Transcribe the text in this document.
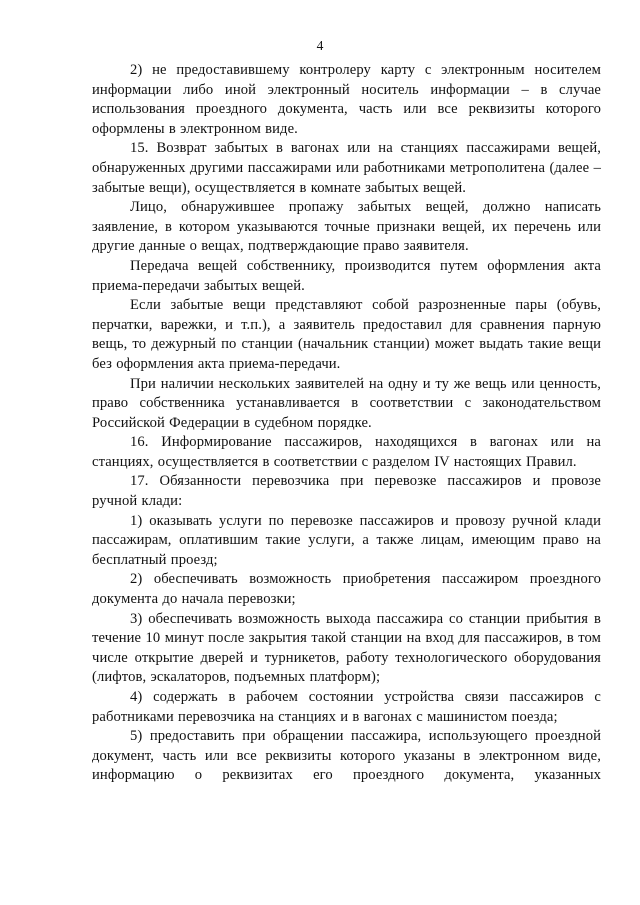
4

2) не предоставившему контролеру карту с электронным носителем информации либо иной электронный носитель информации – в случае использования проездного документа, часть или все реквизиты которого оформлены в электронном виде.

15. Возврат забытых в вагонах или на станциях пассажирами вещей, обнаруженных другими пассажирами или работниками метрополитена (далее – забытые вещи), осуществляется в комнате забытых вещей.

Лицо, обнаружившее пропажу забытых вещей, должно написать заявление, в котором указываются точные признаки вещей, их перечень или другие данные о вещах, подтверждающие право заявителя.

Передача вещей собственнику, производится путем оформления акта приема-передачи забытых вещей.

Если забытые вещи представляют собой разрозненные пары (обувь, перчатки, варежки, и т.п.), а заявитель предоставил для сравнения парную вещь, то дежурный по станции (начальник станции) может выдать такие вещи без оформления акта приема-передачи.

При наличии нескольких заявителей на одну и ту же вещь или ценность, право собственника устанавливается в соответствии с законодательством Российской Федерации в судебном порядке.

16. Информирование пассажиров, находящихся в вагонах или на станциях, осуществляется в соответствии с разделом IV настоящих Правил.

17. Обязанности перевозчика при перевозке пассажиров и провозе ручной клади:

1) оказывать услуги по перевозке пассажиров и провозу ручной клади пассажирам, оплатившим такие услуги, а также лицам, имеющим право на бесплатный проезд;

2) обеспечивать возможность приобретения пассажиром проездного документа до начала перевозки;

3) обеспечивать возможность выхода пассажира со станции прибытия в течение 10 минут после закрытия такой станции на вход для пассажиров, в том числе открытие дверей и турникетов, работу технологического оборудования (лифтов, эскалаторов, подъемных платформ);

4) содержать в рабочем состоянии устройства связи пассажиров с работниками перевозчика на станциях и в вагонах с машинистом поезда;

5) предоставить при обращении пассажира, использующего проездной документ, часть или все реквизиты которого указаны в электронном виде, информацию о реквизитах его проездного документа, указанных
